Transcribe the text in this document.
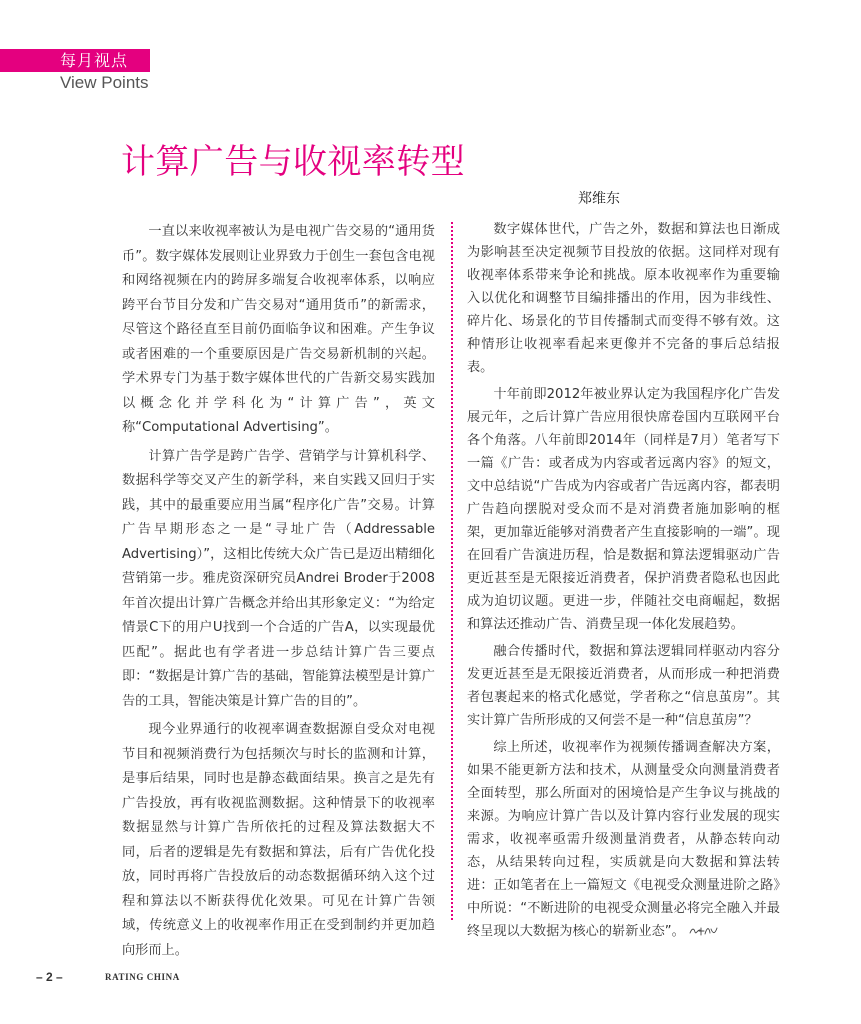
每月视点
View Points
计算广告与收视率转型
郑维东

一直以来收视率被认为是电视广告交易的“通用货币”。数字媒体发展则让业界致力于创生一套包含电视和网络视频在内的跨屏多端复合收视率体系，以响应跨平台节目分发和广告交易对“通用货币”的新需求，尽管这个路径直至目前仍面临争议和困难。产生争议或者困难的一个重要原因是广告交易新机制的兴起。学术界专门为基于数字媒体世代的广告新交易实践加以概念化并学科化为“计算广告”，英文称“Computational Advertising”。

计算广告学是跨广告学、营销学与计算机科学、数据科学等交叉产生的新学科，来自实践又回归于实践，其中的最重要应用当属“程序化广告”交易。计算广告早期形态之一是“寻址广告（Addressable Advertising）”，这相比传统大众广告已是迈出精细化营销第一步。雅虎资深研究员Andrei Broder于2008年首次提出计算广告概念并给出其形象定义：“为给定情景C下的用户U找到一个合适的广告A，以实现最优匹配”。据此也有学者进一步总结计算广告三要点即：“数据是计算广告的基础，智能算法模型是计算广告的工具，智能决策是计算广告的目的”。

现今业界通行的收视率调查数据源自受众对电视节目和视频消费行为包括频次与时长的监测和计算，是事后结果，同时也是静态截面结果。换言之是先有广告投放，再有收视监测数据。这种情景下的收视率数据显然与计算广告所依托的过程及算法数据大不同，后者的逻辑是先有数据和算法，后有广告优化投放，同时再将广告投放后的动态数据循环纳入这个过程和算法以不断获得优化效果。可见在计算广告领域，传统意义上的收视率作用正在受到制约并更加趋向形而上。

数字媒体世代，广告之外，数据和算法也日渐成为影响甚至决定视频节目投放的依据。这同样对现有收视率体系带来争论和挑战。原本收视率作为重要输入以优化和调整节目编排播出的作用，因为非线性、碎片化、场景化的节目传播制式而变得不够有效。这种情形让收视率看起来更像并不完备的事后总结报表。

十年前即2012年被业界认定为我国程序化广告发展元年，之后计算广告应用很快席卷国内互联网平台各个角落。八年前即2014年（同样是7月）笔者写下一篇《广告：或者成为内容或者远离内容》的短文，文中总结说“广告成为内容或者广告远离内容，都表明广告趋向摆脱对受众而不是对消费者施加影响的框架，更加靠近能够对消费者产生直接影响的一端”。现在回看广告演进历程，恰是数据和算法逻辑驱动广告更近甚至是无限接近消费者，保护消费者隐私也因此成为迫切议题。更进一步，伴随社交电商崛起，数据和算法还推动广告、消费呈现一体化发展趋势。

融合传播时代，数据和算法逻辑同样驱动内容分发更近甚至是无限接近消费者，从而形成一种把消费者包裹起来的格式化感觉，学者称之“信息茧房”。其实计算广告所形成的又何尝不是一种“信息茧房”？

综上所述，收视率作为视频传播调查解决方案，如果不能更新方法和技术，从测量受众向测量消费者全面转型，那么所面对的困境恰是产生争议与挑战的来源。为响应计算广告以及计算内容行业发展的现实需求，收视率亟需升级测量消费者，从静态转向动态，从结果转向过程，实质就是向大数据和算法转进：正如笔者在上一篇短文《电视受众测量进阶之路》中所说：“不断进阶的电视受众测量必将完全融入并最终呈现以大数据为核心的崭新业态”。

– 2 –	RATING CHINA
